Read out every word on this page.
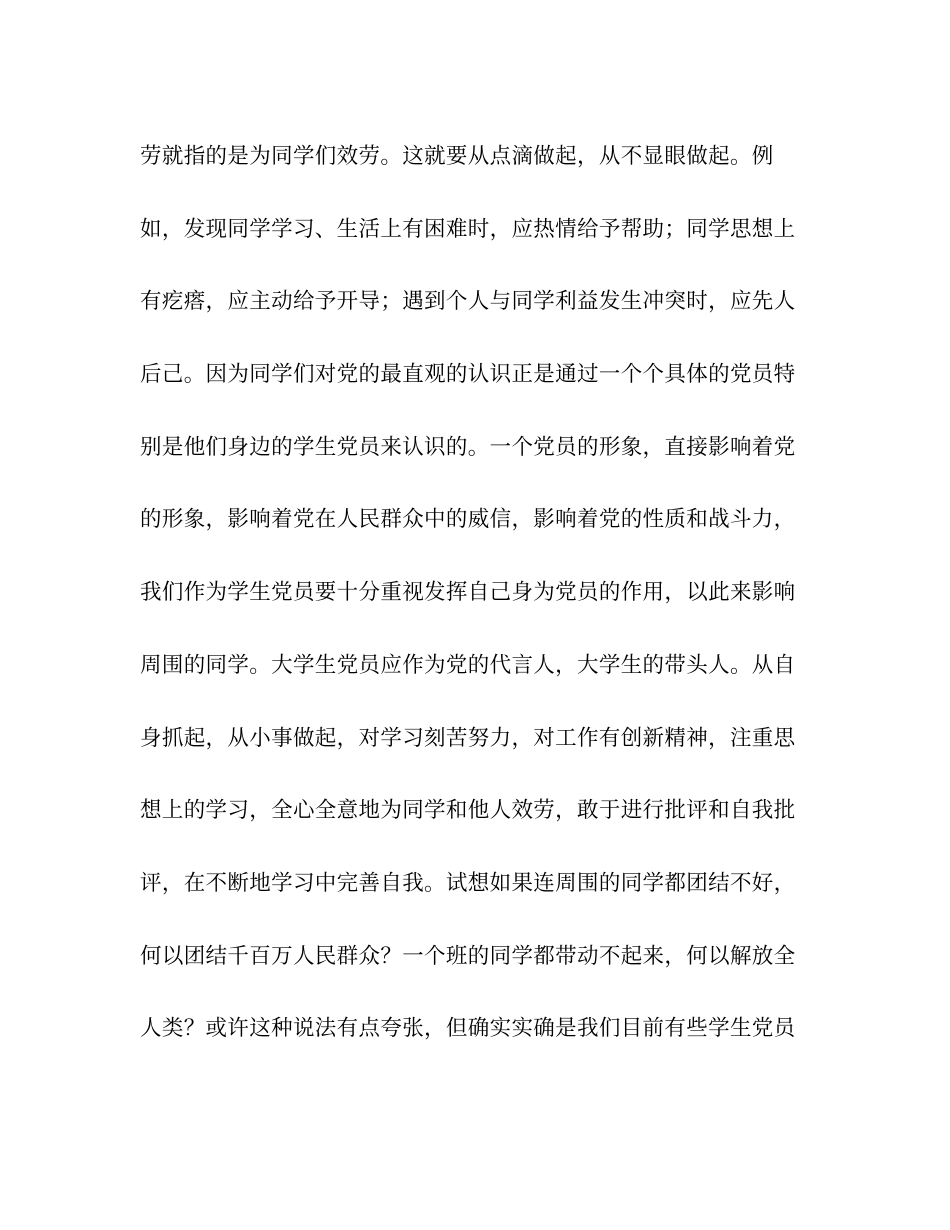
劳就指的是为同学们效劳。这就要从点滴做起，从不显眼做起。例
如，发现同学学习、生活上有困难时，应热情给予帮助；同学思想上
有疙瘩，应主动给予开导；遇到个人与同学利益发生冲突时，应先人
后己。因为同学们对党的最直观的认识正是通过一个个具体的党员特
别是他们身边的学生党员来认识的。一个党员的形象，直接影响着党
的形象，影响着党在人民群众中的威信，影响着党的性质和战斗力，
我们作为学生党员要十分重视发挥自己身为党员的作用，以此来影响
周围的同学。大学生党员应作为党的代言人，大学生的带头人。从自
身抓起，从小事做起，对学习刻苦努力，对工作有创新精神，注重思
想上的学习，全心全意地为同学和他人效劳，敢于进行批评和自我批
评，在不断地学习中完善自我。试想如果连周围的同学都团结不好，
何以团结千百万人民群众？一个班的同学都带动不起来，何以解放全
人类？或许这种说法有点夸张，但确实实确是我们目前有些学生党员
